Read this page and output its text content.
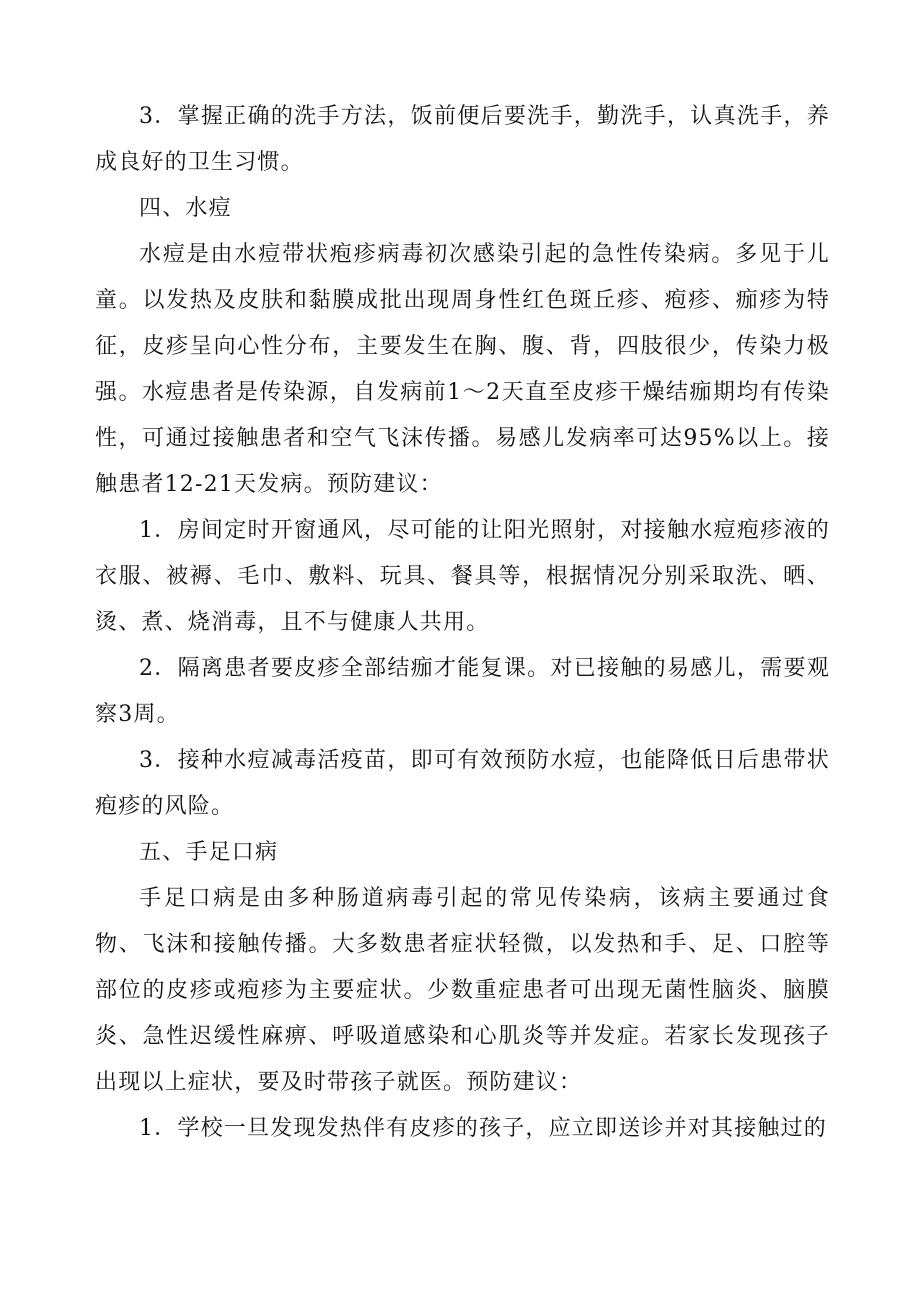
3．掌握正确的洗手方法，饭前便后要洗手，勤洗手，认真洗手，养成良好的卫生习惯。

四、水痘

水痘是由水痘带状疱疹病毒初次感染引起的急性传染病。多见于儿童。以发热及皮肤和黏膜成批出现周身性红色斑丘疹、疱疹、痂疹为特征，皮疹呈向心性分布，主要发生在胸、腹、背，四肢很少，传染力极强。水痘患者是传染源，自发病前1～2天直至皮疹干燥结痂期均有传染性，可通过接触患者和空气飞沫传播。易感儿发病率可达95%以上。接触患者12-21天发病。预防建议：

1．房间定时开窗通风，尽可能的让阳光照射，对接触水痘疱疹液的衣服、被褥、毛巾、敷料、玩具、餐具等，根据情况分别采取洗、晒、烫、煮、烧消毒，且不与健康人共用。

2．隔离患者要皮疹全部结痂才能复课。对已接触的易感儿，需要观察3周。

3．接种水痘减毒活疫苗，即可有效预防水痘，也能降低日后患带状疱疹的风险。

五、手足口病

手足口病是由多种肠道病毒引起的常见传染病，该病主要通过食物、飞沫和接触传播。大多数患者症状轻微，以发热和手、足、口腔等部位的皮疹或疱疹为主要症状。少数重症患者可出现无菌性脑炎、脑膜炎、急性迟缓性麻痹、呼吸道感染和心肌炎等并发症。若家长发现孩子出现以上症状，要及时带孩子就医。预防建议：

1．学校一旦发现发热伴有皮疹的孩子，应立即送诊并对其接触过的
